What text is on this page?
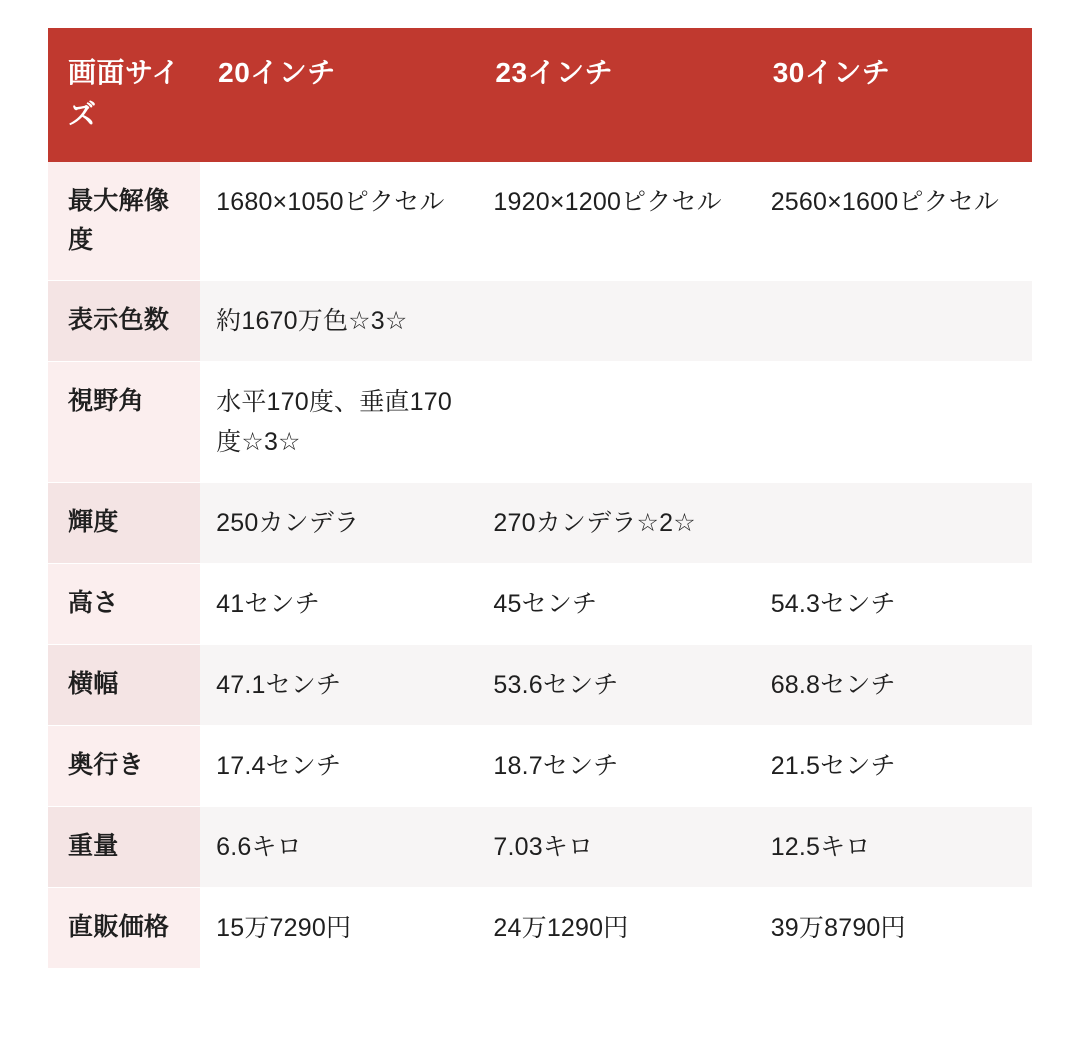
画面サイズ	20インチ	23インチ	30インチ
最大解像度	1680×1050ピクセル	1920×1200ピクセル	2560×1600ピクセル
表示色数	約1670万色☆3☆		
視野角	水平170度、垂直170度☆3☆		
輝度	250カンデラ	270カンデラ☆2☆	
高さ	41センチ	45センチ	54.3センチ
横幅	47.1センチ	53.6センチ	68.8センチ
奥行き	17.4センチ	18.7センチ	21.5センチ
重量	6.6キロ	7.03キロ	12.5キロ
直販価格	15万7290円	24万1290円	39万8790円
